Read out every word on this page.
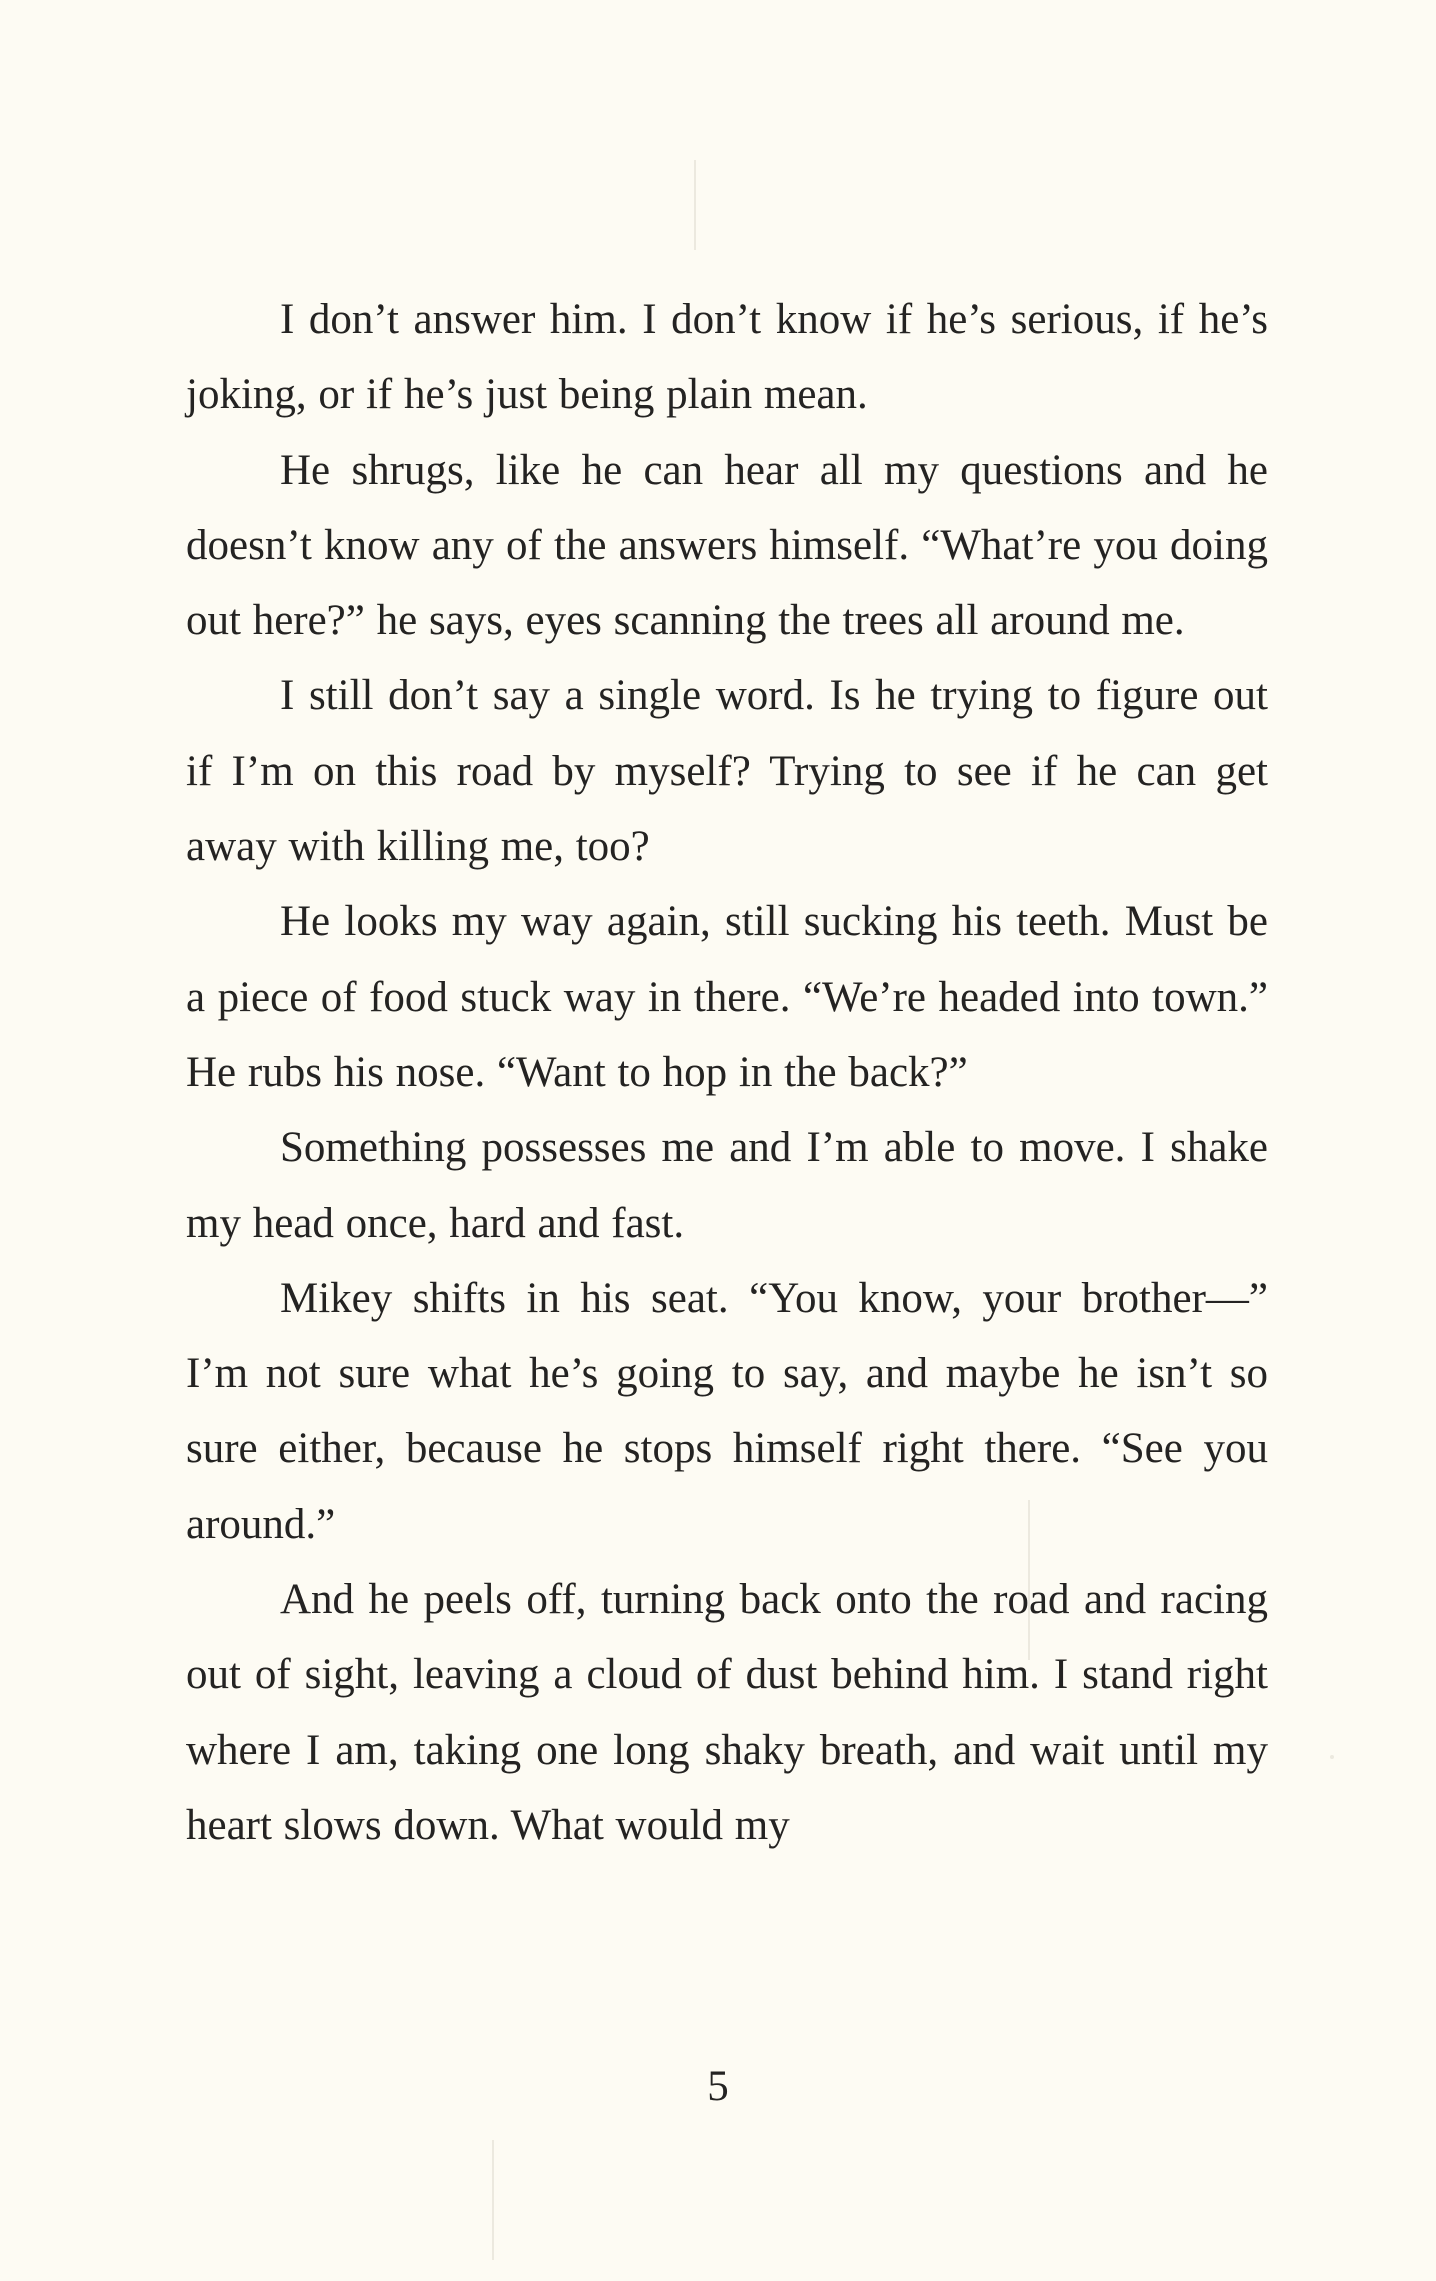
I don’t answer him. I don’t know if he’s serious, if he’s joking, or if he’s just being plain mean.

He shrugs, like he can hear all my questions and he doesn’t know any of the answers himself. “What’re you doing out here?” he says, eyes scanning the trees all around me.

I still don’t say a single word. Is he trying to figure out if I’m on this road by myself? Trying to see if he can get away with killing me, too?

He looks my way again, still sucking his teeth. Must be a piece of food stuck way in there. “We’re headed into town.” He rubs his nose. “Want to hop in the back?”

Something possesses me and I’m able to move. I shake my head once, hard and fast.

Mikey shifts in his seat. “You know, your brother—” I’m not sure what he’s going to say, and maybe he isn’t so sure either, because he stops himself right there. “See you around.”

And he peels off, turning back onto the road and racing out of sight, leaving a cloud of dust behind him. I stand right where I am, taking one long shaky breath, and wait until my heart slows down. What would my

5
